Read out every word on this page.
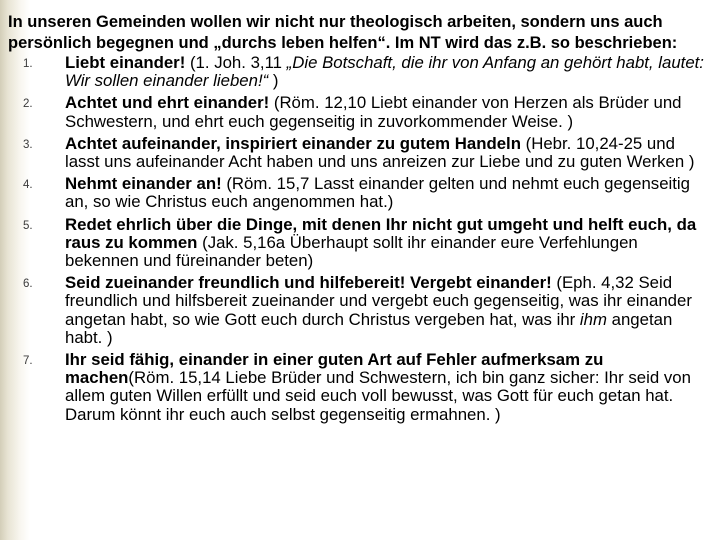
In unseren Gemeinden wollen wir nicht nur theologisch arbeiten, sondern uns auch persönlich begegnen und „durchs leben helfen“. Im NT wird das z.B. so beschrieben:

1. Liebt einander! (1. Joh. 3,11 „Die Botschaft, die ihr von Anfang an gehört habt, lautet: Wir sollen einander lieben!“ )
2. Achtet und ehrt einander! (Röm. 12,10 Liebt einander von Herzen als Brüder und Schwestern, und ehrt euch gegenseitig in zuvorkommender Weise. )
3. Achtet aufeinander, inspiriert einander zu gutem Handeln (Hebr. 10,24-25 und lasst uns aufeinander Acht haben und uns anreizen zur Liebe und zu guten Werken )
4. Nehmt einander an! (Röm. 15,7 Lasst einander gelten und nehmt euch gegenseitig an, so wie Christus euch angenommen hat.)
5. Redet ehrlich über die Dinge, mit denen Ihr nicht gut umgeht und helft euch, da raus zu kommen (Jak. 5,16a Überhaupt sollt ihr einander eure Verfehlungen bekennen und füreinander beten)
6. Seid zueinander freundlich und hilfebereit! Vergebt einander! (Eph. 4,32 Seid freundlich und hilfsbereit zueinander und vergebt euch gegenseitig, was ihr einander angetan habt, so wie Gott euch durch Christus vergeben hat, was ihr ihm angetan habt. )
7. Ihr seid fähig, einander in einer guten Art auf Fehler aufmerksam zu machen(Röm. 15,14 Liebe Brüder und Schwestern, ich bin ganz sicher: Ihr seid von allem guten Willen erfüllt und seid euch voll bewusst, was Gott für euch getan hat. Darum könnt ihr euch auch selbst gegenseitig ermahnen. )
